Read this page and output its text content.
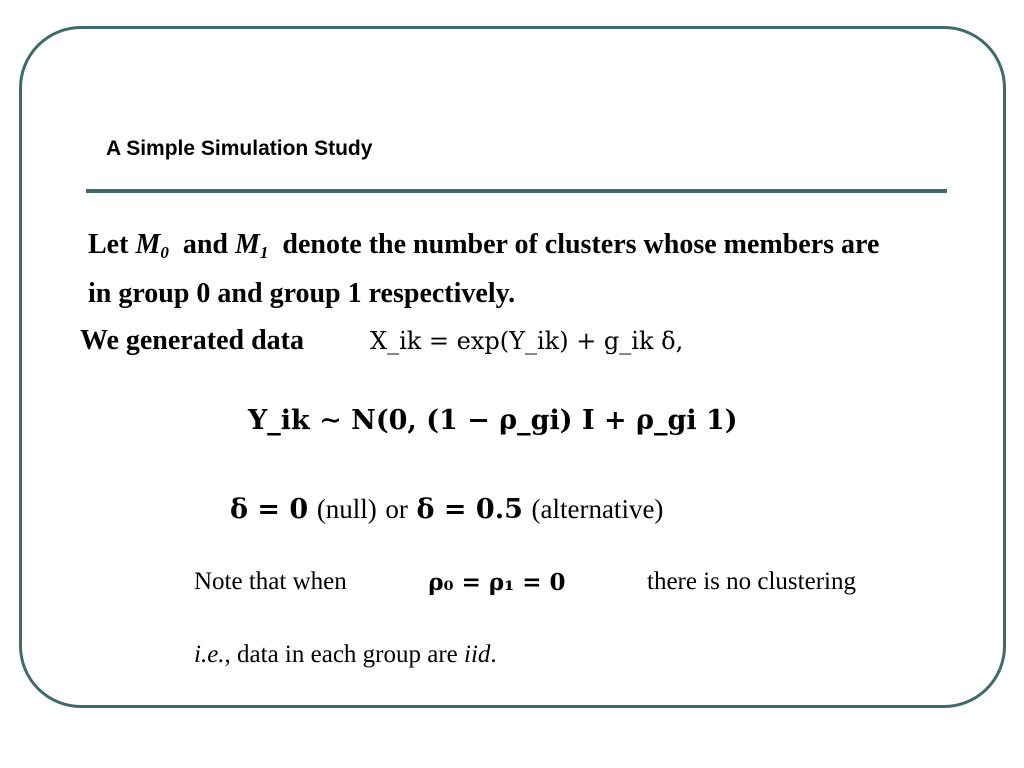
A Simple Simulation Study
Let $M_0$ and $M_1$ denote the number of clusters whose members are in group 0 and group 1 respectively.
We generated data	X_ik = exp(Y_ik) + g_ik δ,
Y_ik ∼ N(0, (1 − ρ_gi) I + ρ_gi 1)
δ = 0 (null) or δ = 0.5 (alternative)
Note that when	ρ₀ = ρ₁ = 0	there is no clustering
i.e., data in each group are iid.
